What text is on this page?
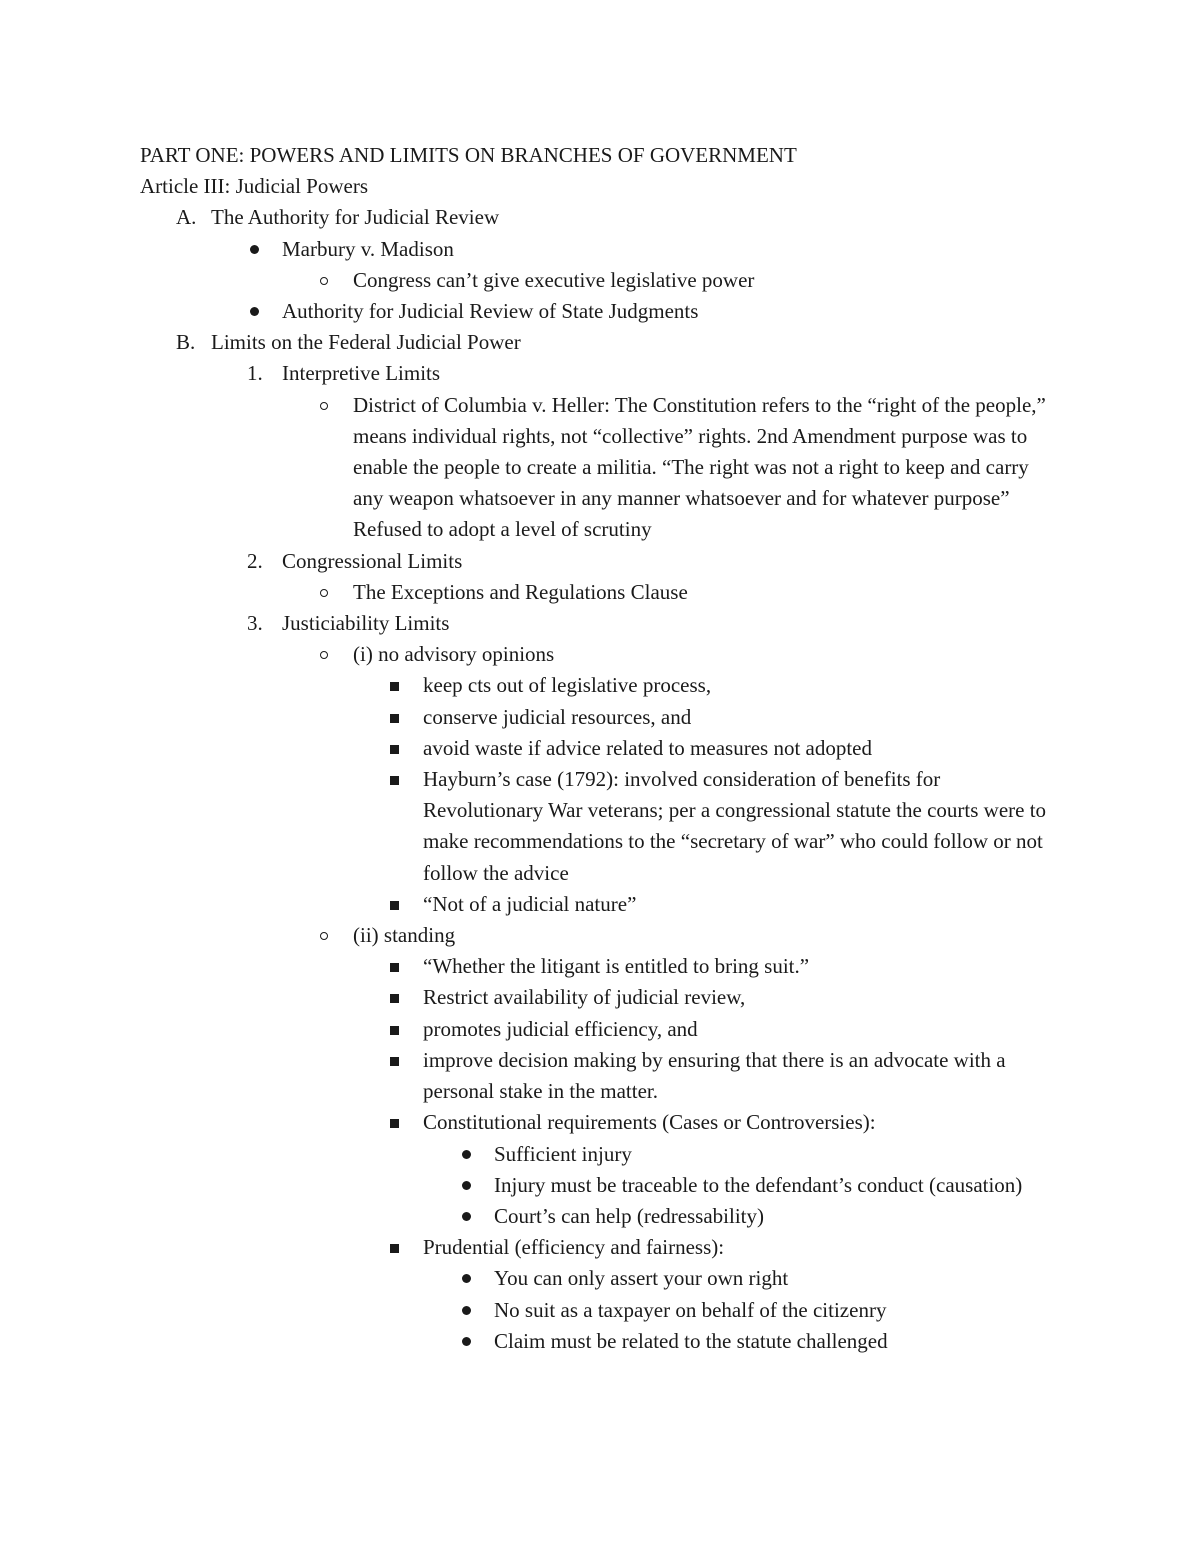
PART ONE: POWERS AND LIMITS ON BRANCHES OF GOVERNMENT
Article III: Judicial Powers
A. The Authority for Judicial Review
Marbury v. Madison
Congress can’t give executive legislative power
Authority for Judicial Review of State Judgments
B. Limits on the Federal Judicial Power
1. Interpretive Limits
District of Columbia v. Heller: The Constitution refers to the “right of the people,” means individual rights, not “collective” rights. 2nd Amendment purpose was to enable the people to create a militia. “The right was not a right to keep and carry any weapon whatsoever in any manner whatsoever and for whatever purpose” Refused to adopt a level of scrutiny
2. Congressional Limits
The Exceptions and Regulations Clause
3. Justiciability Limits
(i) no advisory opinions
keep cts out of legislative process,
conserve judicial resources, and
avoid waste if advice related to measures not adopted
Hayburn’s case (1792): involved consideration of benefits for Revolutionary War veterans; per a congressional statute the courts were to make recommendations to the “secretary of war” who could follow or not follow the advice
“Not of a judicial nature”
(ii) standing
“Whether the litigant is entitled to bring suit.”
Restrict availability of judicial review,
promotes judicial efficiency, and
improve decision making by ensuring that there is an advocate with a personal stake in the matter.
Constitutional requirements (Cases or Controversies):
Sufficient injury
Injury must be traceable to the defendant’s conduct (causation)
Court’s can help (redressability)
Prudential (efficiency and fairness):
You can only assert your own right
No suit as a taxpayer on behalf of the citizenry
Claim must be related to the statute challenged
